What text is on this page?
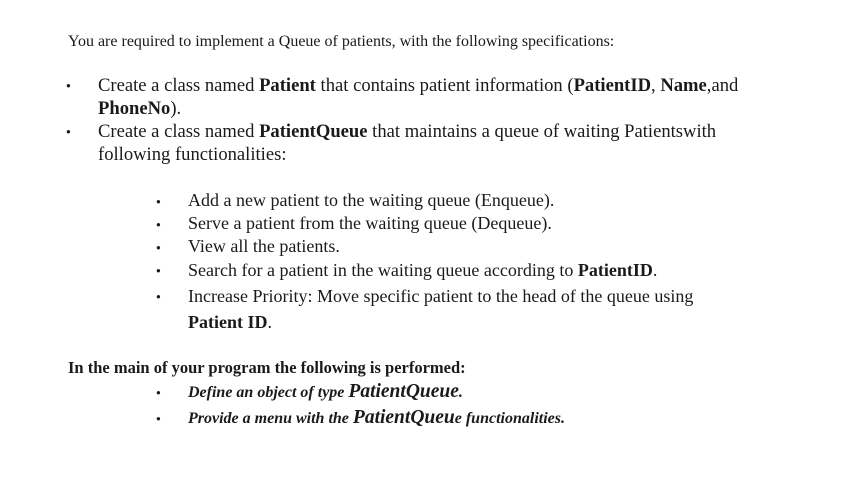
You are required to implement a Queue of patients, with the following specifications:
● Create a class named Patient that contains patient information (PatientID, Name,and
PhoneNo).
● Create a class named PatientQueue that maintains a queue of waiting Patientswith
following functionalities:
● Add a new patient to the waiting queue (Enqueue).
● Serve a patient from the waiting queue (Dequeue).
● View all the patients.
● Search for a patient in the waiting queue according to PatientID.
● Increase Priority: Move specific patient to the head of the queue using
Patient ID.
In the main of your program the following is performed:
● Define an object of type PatientQueue.
● Provide a menu with the PatientQueue functionalities.
